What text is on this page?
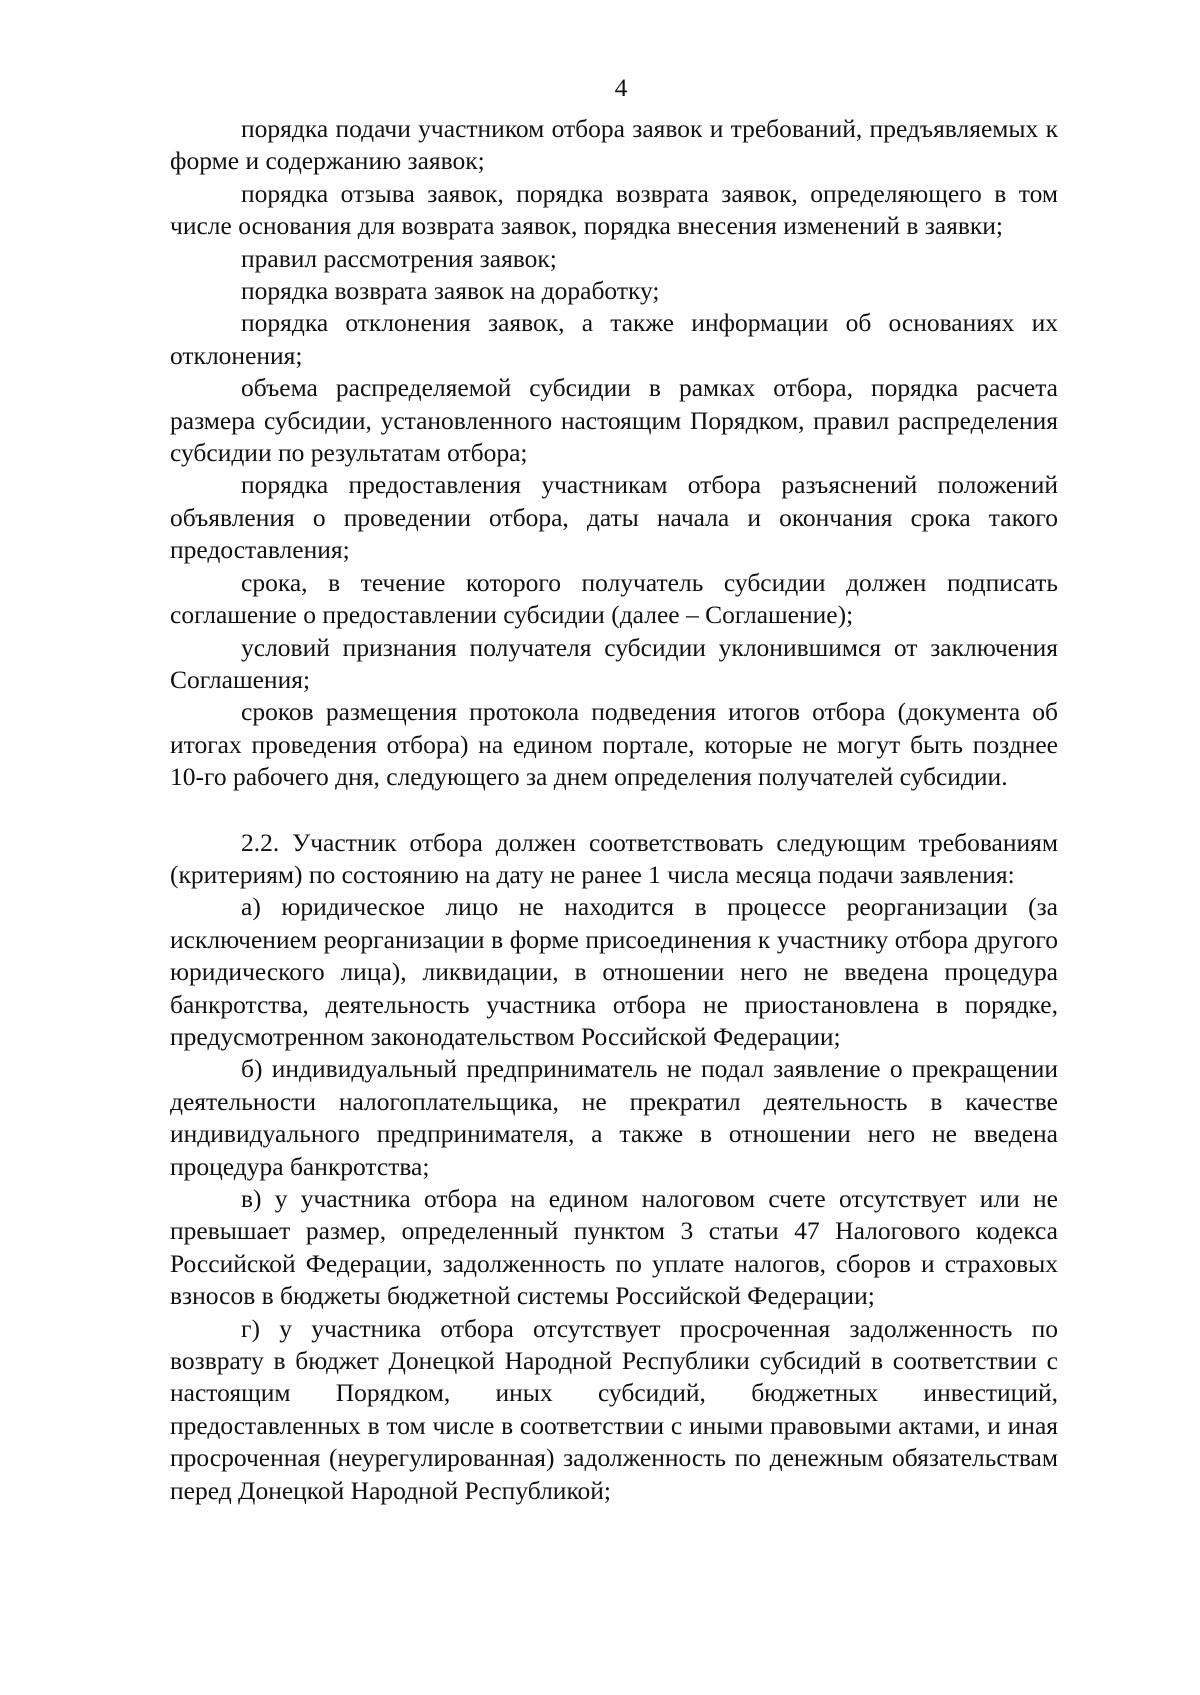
4

порядка подачи участником отбора заявок и требований, предъявляемых к форме и содержанию заявок;

порядка отзыва заявок, порядка возврата заявок, определяющего в том числе основания для возврата заявок, порядка внесения изменений в заявки;

правил рассмотрения заявок;

порядка возврата заявок на доработку;

порядка отклонения заявок, а также информации об основаниях их отклонения;

объема распределяемой субсидии в рамках отбора, порядка расчета размера субсидии, установленного настоящим Порядком, правил распределения субсидии по результатам отбора;

порядка предоставления участникам отбора разъяснений положений объявления о проведении отбора, даты начала и окончания срока такого предоставления;

срока, в течение которого получатель субсидии должен подписать соглашение о предоставлении субсидии (далее – Соглашение);

условий признания получателя субсидии уклонившимся от заключения Соглашения;

сроков размещения протокола подведения итогов отбора (документа об итогах проведения отбора) на едином портале, которые не могут быть позднее 10-го рабочего дня, следующего за днем определения получателей субсидии.

2.2. Участник отбора должен соответствовать следующим требованиям (критериям) по состоянию на дату не ранее 1 числа месяца подачи заявления:

а) юридическое лицо не находится в процессе реорганизации (за исключением реорганизации в форме присоединения к участнику отбора другого юридического лица), ликвидации, в отношении него не введена процедура банкротства, деятельность участника отбора не приостановлена в порядке, предусмотренном законодательством Российской Федерации;

б) индивидуальный предприниматель не подал заявление о прекращении деятельности налогоплательщика, не прекратил деятельность в качестве индивидуального предпринимателя, а также в отношении него не введена процедура банкротства;

в) у участника отбора на едином налоговом счете отсутствует или не превышает размер, определенный пунктом 3 статьи 47 Налогового кодекса Российской Федерации, задолженность по уплате налогов, сборов и страховых взносов в бюджеты бюджетной системы Российской Федерации;

г) у участника отбора отсутствует просроченная задолженность по возврату в бюджет Донецкой Народной Республики субсидий в соответствии с настоящим Порядком, иных субсидий, бюджетных инвестиций, предоставленных в том числе в соответствии с иными правовыми актами, и иная просроченная (неурегулированная) задолженность по денежным обязательствам перед Донецкой Народной Республикой;
